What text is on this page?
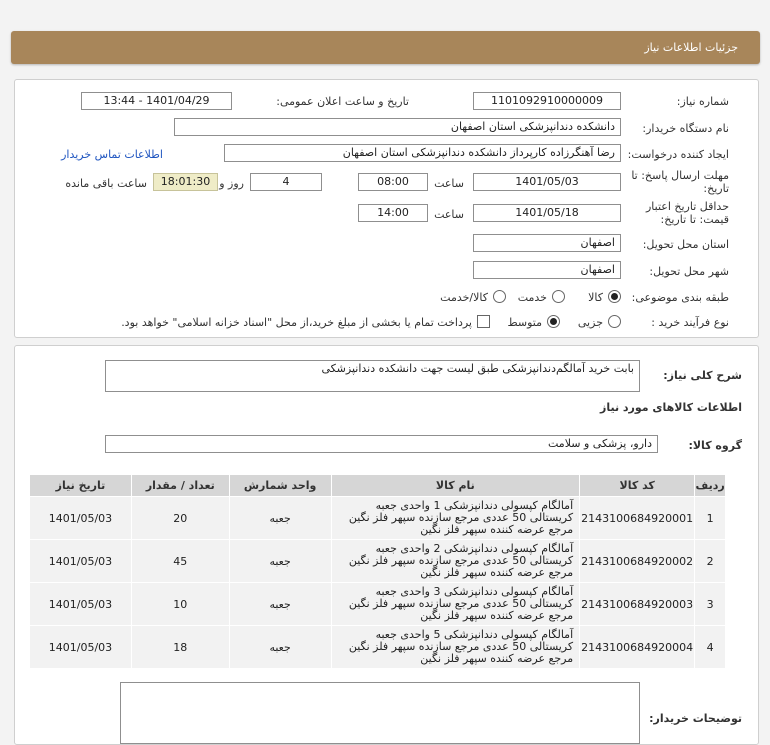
جزئیات اطلاعات نیاز
شماره نیاز:
1101092910000009
تاریخ و ساعت اعلان عمومی:
1401/04/29 - 13:44
نام دستگاه خریدار:
دانشکده دندانپزشکی استان اصفهان
ایجاد کننده درخواست:
رضا آهنگرزاده کارپرداز دانشکده دندانپزشکی استان اصفهان
اطلاعات تماس خریدار
مهلت ارسال پاسخ: تا
تاریخ:
1401/05/03
ساعت
08:00
4
روز و
18:01:30
ساعت باقی مانده
حداقل تاریخ اعتبار
قیمت: تا تاریخ:
1401/05/18
ساعت
14:00
استان محل تحویل:
اصفهان
شهر محل تحویل:
اصفهان
طبقه بندی موضوعی:
کالا
خدمت
کالا/خدمت
نوع فرآیند خرید :
جزیی
متوسط
پرداخت تمام یا بخشی از مبلغ خرید،از محل "اسناد خزانه اسلامی" خواهد بود.
شرح کلی نیاز:
بابت خرید آمالگم‌دندانپزشکی طبق لیست جهت دانشکده دندانپزشکی
اطلاعات کالاهای مورد نیاز
گروه کالا:
دارو، پزشکی و سلامت
ردیف	کد کالا	نام کالا	واحد شمارش	تعداد / مقدار	تاریخ نیاز
1	2143100684920001	آمالگام کپسولی دندانپزشکی 1 واحدی جعبه کریستالی 50 عددی مرجع سازنده سپهر فلز نگین مرجع عرضه کننده سپهر فلز نگین	جعبه	20	1401/05/03
2	2143100684920002	آمالگام کپسولی دندانپزشکی 2 واحدی جعبه کریستالی 50 عددی مرجع سازنده سپهر فلز نگین مرجع عرضه کننده سپهر فلز نگین	جعبه	45	1401/05/03
3	2143100684920003	آمالگام کپسولی دندانپزشکی 3 واحدی جعبه کریستالی 50 عددی مرجع سازنده سپهر فلز نگین مرجع عرضه کننده سپهر فلز نگین	جعبه	10	1401/05/03
4	2143100684920004	آمالگام کپسولی دندانپزشکی 5 واحدی جعبه کریستالی 50 عددی مرجع سازنده سپهر فلز نگین مرجع عرضه کننده سپهر فلز نگین	جعبه	18	1401/05/03
توضیحات خریدار:
